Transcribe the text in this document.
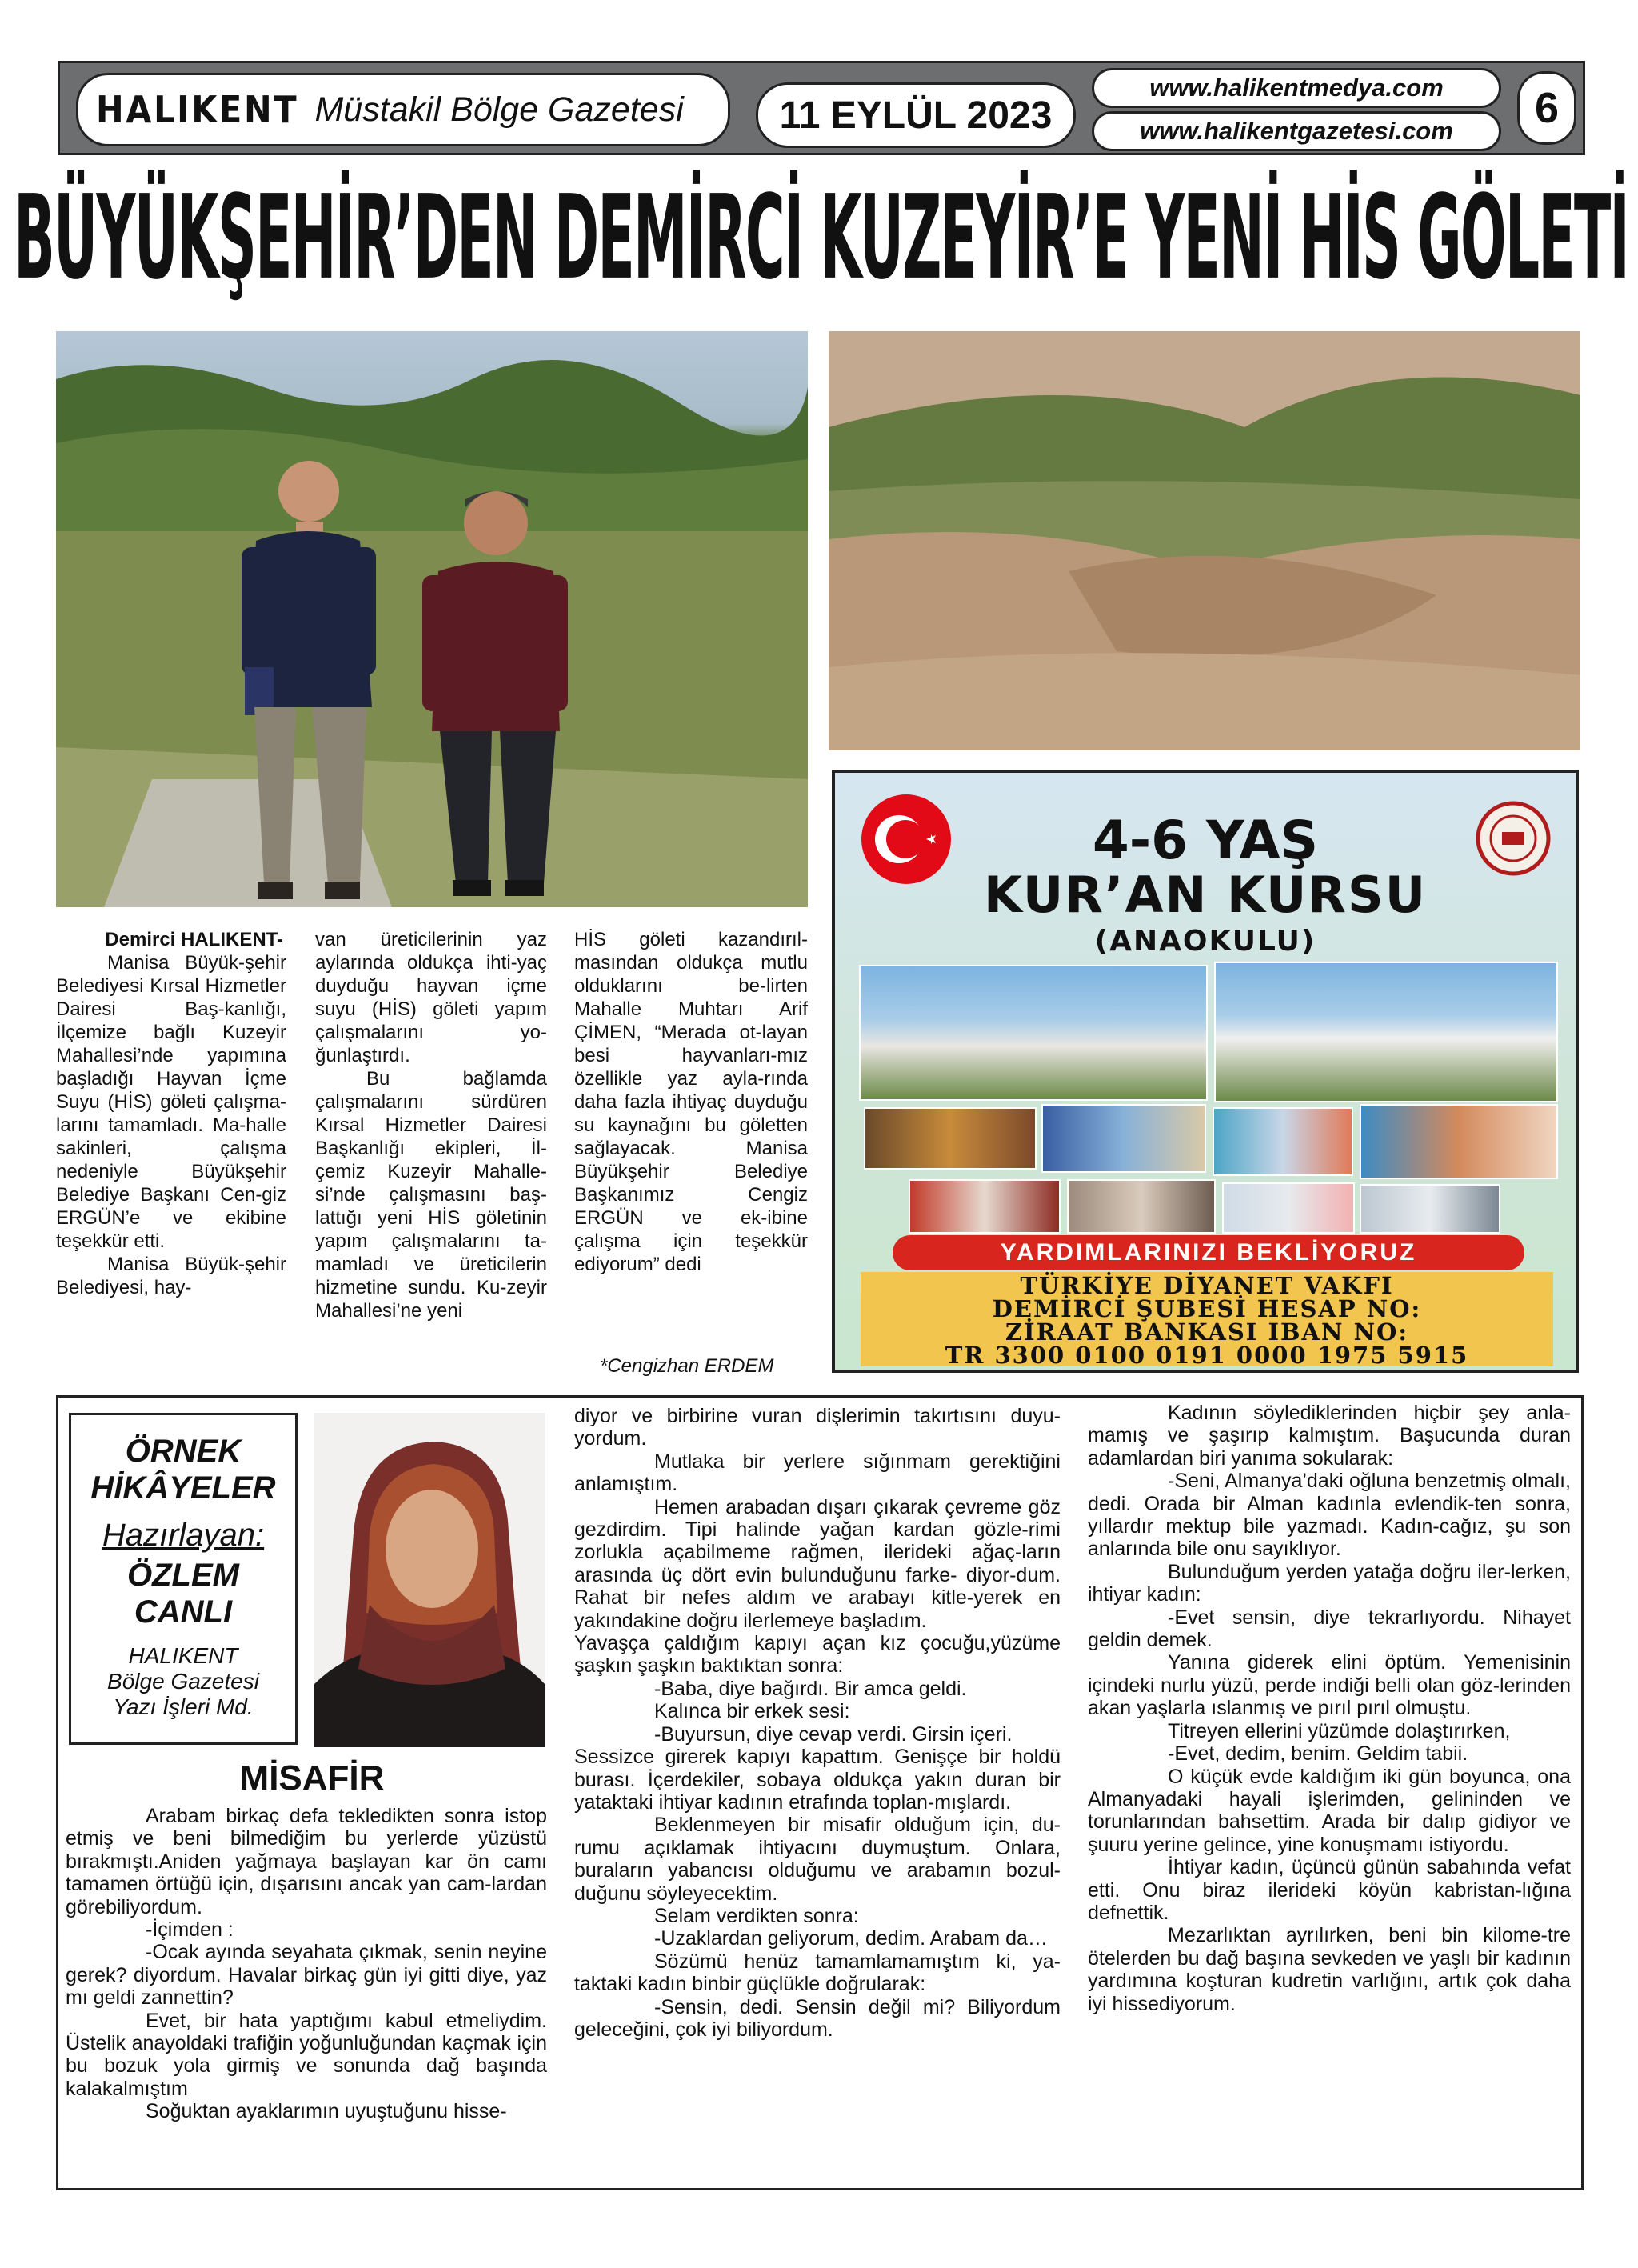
HALIKENT Müstakil Bölge Gazetesi	11 EYLÜL 2023
www.halikentmedya.com
www.halikentgazetesi.com	6
BÜYÜKŞEHİR’DEN DEMİRCİ KUZEYİR’E YENİ HİS GÖLETİ
4-6 YAŞ
KUR’AN KURSU
(ANAOKULU)
YARDIMLARINIZI BEKLİYORUZ
TÜRKİYE DİYANET VAKFI
DEMİRCİ ŞUBESİ HESAP NO:
ZİRAAT BANKASI IBAN NO:
TR 3300 0100 0191 0000 1975 5915
Demirci HALIKENT-

Manisa Büyük-şehir Belediyesi Kırsal Hizmetler Dairesi Baş-kanlığı, İlçemize bağlı Kuzeyir Mahallesi’nde yapımına başladığı Hayvan İçme Suyu (HİS) göleti çalışma-larını tamamladı. Ma-halle sakinleri, çalışma nedeniyle Büyükşehir Belediye Başkanı Cen-giz ERGÜN’e ve ekibine teşekkür etti.

Manisa Büyük-şehir Belediyesi, hay-

van üreticilerinin yaz aylarında oldukça ihti-yaç duyduğu hayvan içme suyu (HİS) göleti yapım çalışmalarını yo-ğunlaştırdı.

Bu bağlamda çalışmalarını sürdüren Kırsal Hizmetler Dairesi Başkanlığı ekipleri, İl-çemiz Kuzeyir Mahalle-si’nde çalışmasını baş-lattığı yeni HİS göletinin yapım çalışmalarını ta-mamladı ve üreticilerin hizmetine sundu. Ku-zeyir Mahallesi’ne yeni

HİS göleti kazandırıl-masından oldukça mutlu olduklarını be-lirten Mahalle Muhtarı Arif ÇİMEN, “Merada ot-layan besi hayvanları-mız özellikle yaz ayla-rında daha fazla ihtiyaç duyduğu su kaynağını bu göletten sağlayacak. Manisa Büyükşehir Belediye Başkanımız Cengiz ERGÜN ve ek-ibine çalışma için teşekkür ediyorum” dedi

*Cengizhan ERDEM
ÖRNEK
HİKÂYELER
Hazırlayan:
ÖZLEM
CANLI
HALIKENT
Bölge Gazetesi
Yazı İşleri Md.
MİSAFİR

Arabam birkaç defa tekledikten sonra istop etmiş ve beni bilmediğim bu yerlerde yüzüstü bırakmıştı.Aniden yağmaya başlayan kar ön camı tamamen örtüğü için, dışarısını ancak yan cam-lardan görebiliyordum.

-İçimden :

-Ocak ayında seyahata çıkmak, senin neyine gerek? diyordum. Havalar birkaç gün iyi gitti diye, yaz mı geldi zannettin?

Evet, bir hata yaptığımı kabul etmeliydim. Üstelik anayoldaki trafiğin yoğunluğundan kaçmak için bu bozuk yola girmiş ve sonunda dağ başında kalakalmıştım

Soğuktan ayaklarımın uyuştuğunu hisse-

diyor ve birbirine vuran dişlerimin takırtısını duyu-yordum.

Mutlaka bir yerlere sığınmam gerektiğini anlamıştım.

Hemen arabadan dışarı çıkarak çevreme göz gezdirdim. Tipi halinde yağan kardan gözle-rimi zorlukla açabilmeme rağmen, ilerideki ağaç-ların arasında üç dört evin bulunduğunu farke- diyor-dum. Rahat bir nefes aldım ve arabayı kitle-yerek en yakındakine doğru ilerlemeye başladım.

Yavaşça çaldığım kapıyı açan kız çocuğu,yüzüme şaşkın şaşkın baktıktan sonra:

-Baba, diye bağırdı. Bir amca geldi.

Kalınca bir erkek sesi:

-Buyursun, diye cevap verdi. Girsin içeri.

Sessizce girerek kapıyı kapattım. Genişçe bir holdü burası. İçerdekiler, sobaya oldukça yakın duran bir yataktaki ihtiyar kadının etrafında toplan-mışlardı.

Beklenmeyen bir misafir olduğum için, du-rumu açıklamak ihtiyacını duymuştum. Onlara, buraların yabancısı olduğumu ve arabamın bozul-duğunu söyleyecektim.

Selam verdikten sonra:

-Uzaklardan geliyorum, dedim. Arabam da…

Sözümü henüz tamamlamamıştım ki, ya-taktaki kadın binbir güçlükle doğrularak:

-Sensin, dedi. Sensin değil mi? Biliyordum geleceğini, çok iyi biliyordum.

Kadının söylediklerinden hiçbir şey anla-mamış ve şaşırıp kalmıştım. Başucunda duran adamlardan biri yanıma sokularak:

-Seni, Almanya’daki oğluna benzetmiş olmalı, dedi. Orada bir Alman kadınla evlendik-ten sonra, yıllardır mektup bile yazmadı. Kadın-cağız, şu son anlarında bile onu sayıklıyor.

Bulunduğum yerden yatağa doğru iler-lerken, ihtiyar kadın:

-Evet sensin, diye tekrarlıyordu. Nihayet geldin demek.

Yanına giderek elini öptüm. Yemenisinin içindeki nurlu yüzü, perde indiği belli olan göz-lerinden akan yaşlarla ıslanmış ve pırıl pırıl olmuştu.

Titreyen ellerini yüzümde dolaştırırken,

-Evet, dedim, benim. Geldim tabii.

O küçük evde kaldığım iki gün boyunca, ona Almanyadaki hayali işlerimden, gelininden ve torunlarından bahsettim. Arada bir dalıp gidiyor ve şuuru yerine gelince, yine konuşmamı istiyordu.

İhtiyar kadın, üçüncü günün sabahında vefat etti. Onu biraz ilerideki köyün kabristan-lığına defnettik.

Mezarlıktan ayrılırken, beni bin kilome-tre ötelerden bu dağ başına sevkeden ve yaşlı bir kadının yardımına koşturan kudretin varlığını, artık çok daha iyi hissediyorum.
